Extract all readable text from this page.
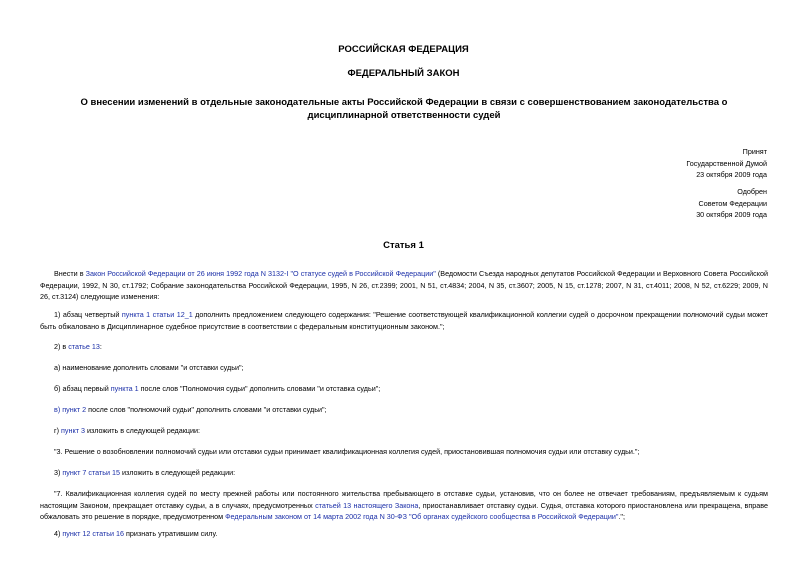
РОССИЙСКАЯ ФЕДЕРАЦИЯ
ФЕДЕРАЛЬНЫЙ ЗАКОН
О внесении изменений в отдельные законодательные акты Российской Федерации в связи с совершенствованием законодательства о дисциплинарной ответственности судей
Принят
Государственной Думой
23 октября 2009 года
Одобрен
Советом Федерации
30 октября 2009 года
Статья 1
Внести в Закон Российской Федерации от 26 июня 1992 года N 3132-I "О статусе судей в Российской Федерации" (Ведомости Съезда народных депутатов Российской Федерации и Верховного Совета Российской Федерации, 1992, N 30, ст.1792; Собрание законодательства Российской Федерации, 1995, N 26, ст.2399; 2001, N 51, ст.4834; 2004, N 35, ст.3607; 2005, N 15, ст.1278; 2007, N 31, ст.4011; 2008, N 52, ст.6229; 2009, N 26, ст.3124) следующие изменения:
1) абзац четвертый пункта 1 статьи 12_1 дополнить предложением следующего содержания: "Решение соответствующей квалификационной коллегии судей о досрочном прекращении полномочий судьи может быть обжаловано в Дисциплинарное судебное присутствие в соответствии с федеральным конституционным законом.";
2) в статье 13:
а) наименование дополнить словами "и отставки судьи";
б) абзац первый пункта 1 после слов "Полномочия судьи" дополнить словами "и отставка судьи";
в) пункт 2 после слов "полномочий судьи" дополнить словами "и отставки судьи";
г) пункт 3 изложить в следующей редакции:
"3. Решение о возобновлении полномочий судьи или отставки судьи принимает квалификационная коллегия судей, приостановившая полномочия судьи или отставку судьи.";
3) пункт 7 статьи 15 изложить в следующей редакции:
"7. Квалификационная коллегия судей по месту прежней работы или постоянного жительства пребывающего в отставке судьи, установив, что он более не отвечает требованиям, предъявляемым к судьям настоящим Законом, прекращает отставку судьи, а в случаях, предусмотренных статьей 13 настоящего Закона, приостанавливает отставку судьи. Судья, отставка которого приостановлена или прекращена, вправе обжаловать это решение в порядке, предусмотренном Федеральным законом от 14 марта 2002 года N 30-ФЗ "Об органах судейского сообщества в Российской Федерации".";
4) пункт 12 статьи 16 признать утратившим силу.
